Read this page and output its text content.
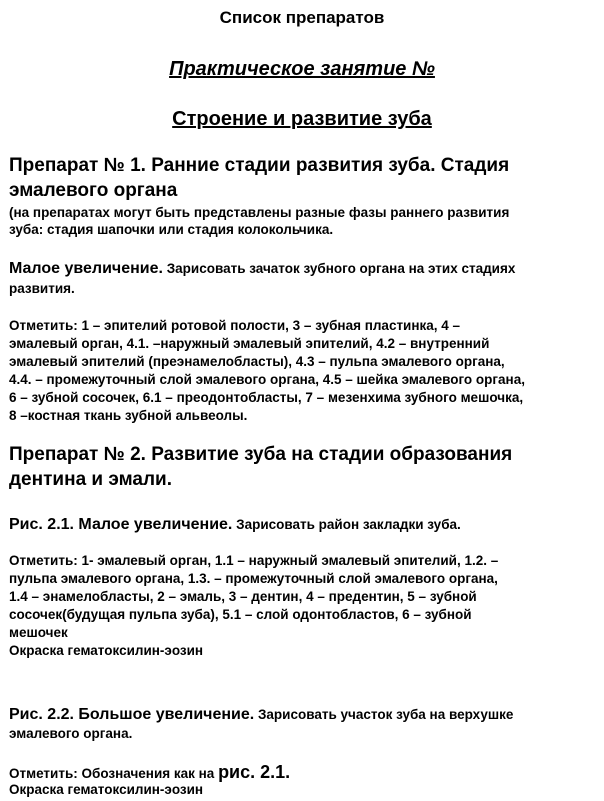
Список препаратов
Практическое занятие №
Строение и развитие зуба
Препарат № 1. Ранние стадии развития зуба. Стадия
эмалевого органа
(на препаратах могут быть представлены разные фазы раннего развития
зуба: стадия шапочки или стадия колокольчика.
Малое увеличение. Зарисовать зачаток зубного органа на этих стадиях
развития.
Отметить: 1 – эпителий ротовой полости, 3 – зубная пластинка, 4 –
эмалевый орган, 4.1. –наружный эмалевый эпителий, 4.2 – внутренний
эмалевый эпителий (преэнамелобласты), 4.3 – пульпа эмалевого органа,
4.4. – промежуточный слой эмалевого органа, 4.5 – шейка эмалевого органа,
6 – зубной сосочек, 6.1 – преодонтобласты, 7 – мезенхима зубного мешочка,
8 –костная ткань зубной альвеолы.
Препарат № 2. Развитие зуба на стадии образования
дентина и эмали.
Рис. 2.1. Малое увеличение. Зарисовать район закладки зуба.
Отметить: 1- эмалевый орган, 1.1 – наружный эмалевый эпителий, 1.2. –
пульпа эмалевого органа, 1.3. – промежуточный слой эмалевого органа,
1.4 – энамелобласты, 2 – эмаль, 3 – дентин, 4 – предентин, 5 – зубной
сосочек(будущая пульпа зуба), 5.1 – слой одонтобластов, 6 – зубной
мешочек
Окраска гематоксилин-эозин
Рис. 2.2. Большое увеличение. Зарисовать участок зуба на верхушке
эмалевого органа.
Отметить: Обозначения как на рис. 2.1.
Окраска гематоксилин-эозин
